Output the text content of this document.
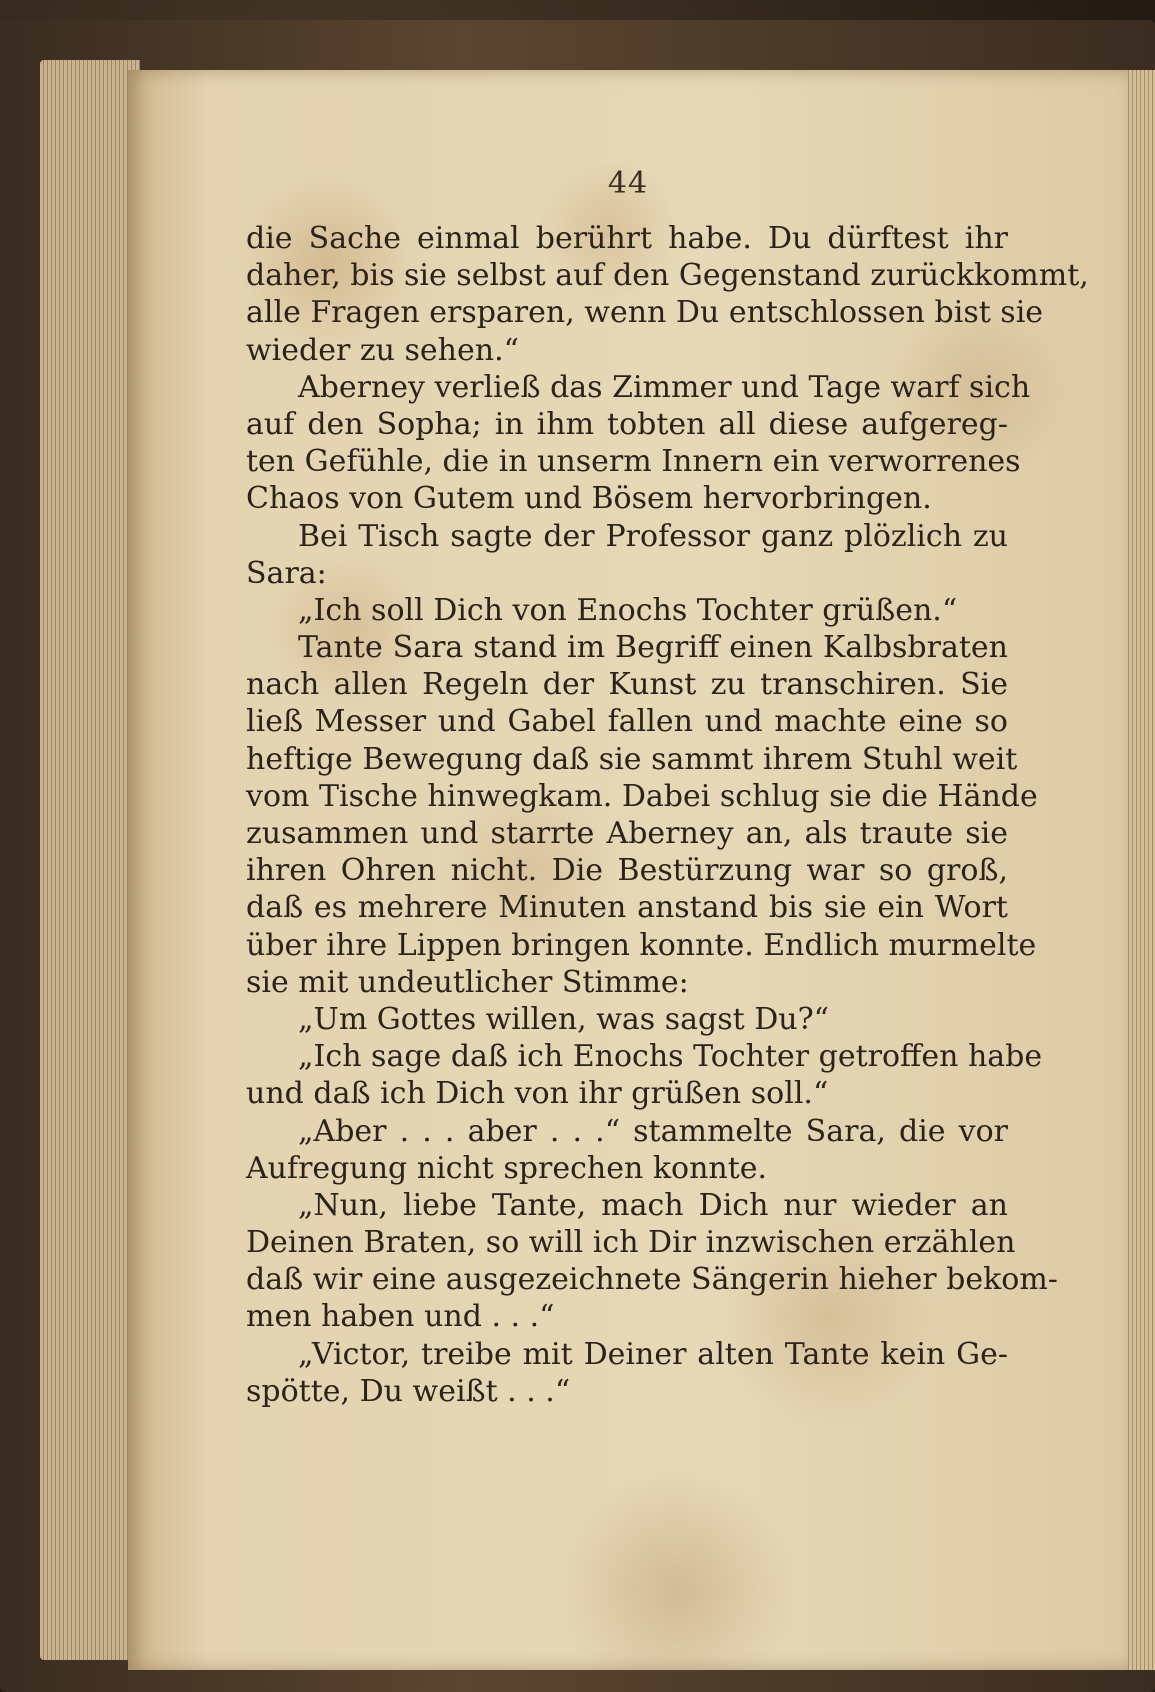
44
die Sache einmal berührt habe. Du dürftest ihr
daher, bis sie selbst auf den Gegenstand zurückkommt,
alle Fragen ersparen, wenn Du entschlossen bist sie
wieder zu sehen.“
Aberney verließ das Zimmer und Tage warf sich
auf den Sopha; in ihm tobten all diese aufgereg-
ten Gefühle, die in unserm Innern ein verworrenes
Chaos von Gutem und Bösem hervorbringen.
Bei Tisch sagte der Professor ganz plözlich zu
Sara:
„Ich soll Dich von Enochs Tochter grüßen.“
Tante Sara stand im Begriff einen Kalbsbraten
nach allen Regeln der Kunst zu transchiren. Sie
ließ Messer und Gabel fallen und machte eine so
heftige Bewegung daß sie sammt ihrem Stuhl weit
vom Tische hinwegkam. Dabei schlug sie die Hände
zusammen und starrte Aberney an, als traute sie
ihren Ohren nicht. Die Bestürzung war so groß,
daß es mehrere Minuten anstand bis sie ein Wort
über ihre Lippen bringen konnte. Endlich murmelte
sie mit undeutlicher Stimme:
„Um Gottes willen, was sagst Du?“
„Ich sage daß ich Enochs Tochter getroffen habe
und daß ich Dich von ihr grüßen soll.“
„Aber . . . aber . . .“ stammelte Sara, die vor
Aufregung nicht sprechen konnte.
„Nun, liebe Tante, mach Dich nur wieder an
Deinen Braten, so will ich Dir inzwischen erzählen
daß wir eine ausgezeichnete Sängerin hieher bekom-
men haben und . . .“
„Victor, treibe mit Deiner alten Tante kein Ge-
spötte, Du weißt . . .“
